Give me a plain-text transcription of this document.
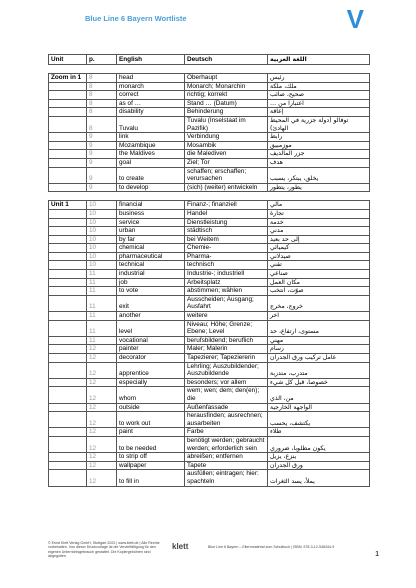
Blue Line 6 Bayern Wortliste	V
Unit	p.	English	Deutsch	اللغة العربية

Zoom in 1	8	head	Oberhaupt	رئيس
	8	monarch	Monarch; Monarchin	ملك، ملكة
	8	correct	richtig; korrekt	صحيح، صائب
	8	as of …	Stand … (Datum)	اعتبارا من …
	8	disability	Behinderung	إعاقة
	8	Tuvalu	Tuvalu (Inselstaat im Pazifik)	توفالو (دولة جزرية في المحيط الهادئ)
	9	link	Verbindung	رابط
	9	Mozambique	Mosambik	موزمبيق
	9	the Maldives	die Malediven	جزر المالديف
	9	goal	Ziel; Tor	هدف
	9	to create	schaffen; erschaffen; verursachen	يخلق، يبتكر، يسبب
	9	to develop	(sich) (weiter) entwickeln	يطور، يتطور

Unit 1	10	financial	Finanz-; finanziell	مالي
	10	business	Handel	تجارة
	10	service	Dienstleistung	خدمة
	10	urban	städtisch	مدني
	10	by far	bei Weitem	إلى حد بعيد
	10	chemical	Chemie-	كيميائي
	10	pharmaceutical	Pharma-	صيدلاني
	10	technical	technisch	تقني
	11	industrial	Industrie-; industriell	صناعي
	11	job	Arbeitsplatz	مكان العمل
	11	to vote	abstimmen; wählen	صوّت، انتخب
	11	exit	Ausscheiden; Ausgang; Ausfahrt	خروج، مخرج
	11	another	weitere	آخر
	11	level	Niveau; Höhe; Grenze; Ebene; Level	مستوى، ارتفاع، حد
	11	vocational	berufsbildend; beruflich	مهني
	12	painter	Maler; Malerin	رسام
	12	decorator	Tapezierer; Tapeziererin	عامل تركيب ورق الجدران
	12	apprentice	Lehrling; Auszubildender; Auszubildende	متدرب، متدربة
	12	especially	besonders; vor allem	خصوصا، قبل كل شيء
	12	whom	wem; wen; dem; den(en); die	من، الذي
	12	outside	Außenfassade	الواجهة الخارجية
	12	to work out	herausfinden; ausrechnen; ausarbeiten	يكتشف، يحسب
	12	paint	Farbe	طلاء
	12	to be needed	benötigt werden; gebraucht werden; erforderlich sein	يكون مطلوبا، ضروري
	12	to strip off	abreißen; entfernen	ينزع، يزيل
	12	wallpaper	Tapete	ورق الجدران
	12	to fill in	ausfüllen; eintragen; hier: spachteln	يملأ، يسد الثغرات
© Ernst Klett Verlag GmbH, Stuttgart 2022 | www.klett.de | Alle Rechte vorbehalten. Von dieser Druckvorlage ist die Vervielfältigung für den eigenen Unterrichtsgebrauch gestattet. Die Kopiergebühren sind abgegolten.
klett	Blue Line 6 Bayern – Elternmaterial zum Schulbuch | ISBN: 978-3-12-548344-9
1
